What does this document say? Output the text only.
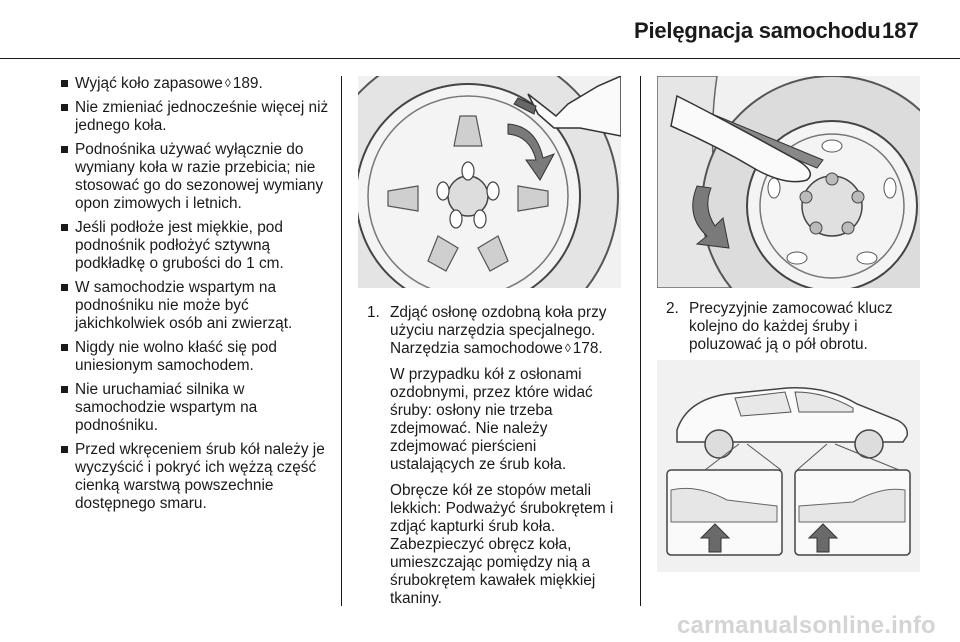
Pielęgnacja samochodu 187
Wyjąć koło zapasowe ◊ 189.
Nie zmieniać jednocześnie więcej niż jednego koła.
Podnośnika używać wyłącznie do wymiany koła w razie przebicia; nie stosować go do sezonowej wymiany opon zimowych i letnich.
Jeśli podłoże jest miękkie, pod podnośnik podłożyć sztywną podkładkę o grubości do 1 cm.
W samochodzie wspartym na podnośniku nie może być jakichkolwiek osób ani zwierząt.
Nigdy nie wolno kłaść się pod uniesionym samochodem.
Nie uruchamiać silnika w samochodzie wspartym na podnośniku.
Przed wkręceniem śrub kół należy je wyczyścić i pokryć ich wężzą część cienką warstwą powszechnie dostępnego smaru.
1. Zdjąć osłonę ozdobną koła przy użyciu narzędzia specjalnego. Narzędzia samochodowe ◊ 178.

W przypadku kół z osłonami ozdobnymi, przez które widać śruby: osłony nie trzeba zdejmować. Nie należy zdejmować pierścieni ustalających ze śrub koła.

Obręcze kół ze stopów metali lekkich: Podważyć śrubokrętem i zdjąć kapturki śrub koła. Zabezpieczyć obręcz koła, umieszczając pomiędzy nią a śrubokrętem kawałek miękkiej tkaniny.

2. Precyzyjnie zamocować klucz kolejno do każdej śruby i poluzować ją o pół obrotu.

carmanualsonline.info
